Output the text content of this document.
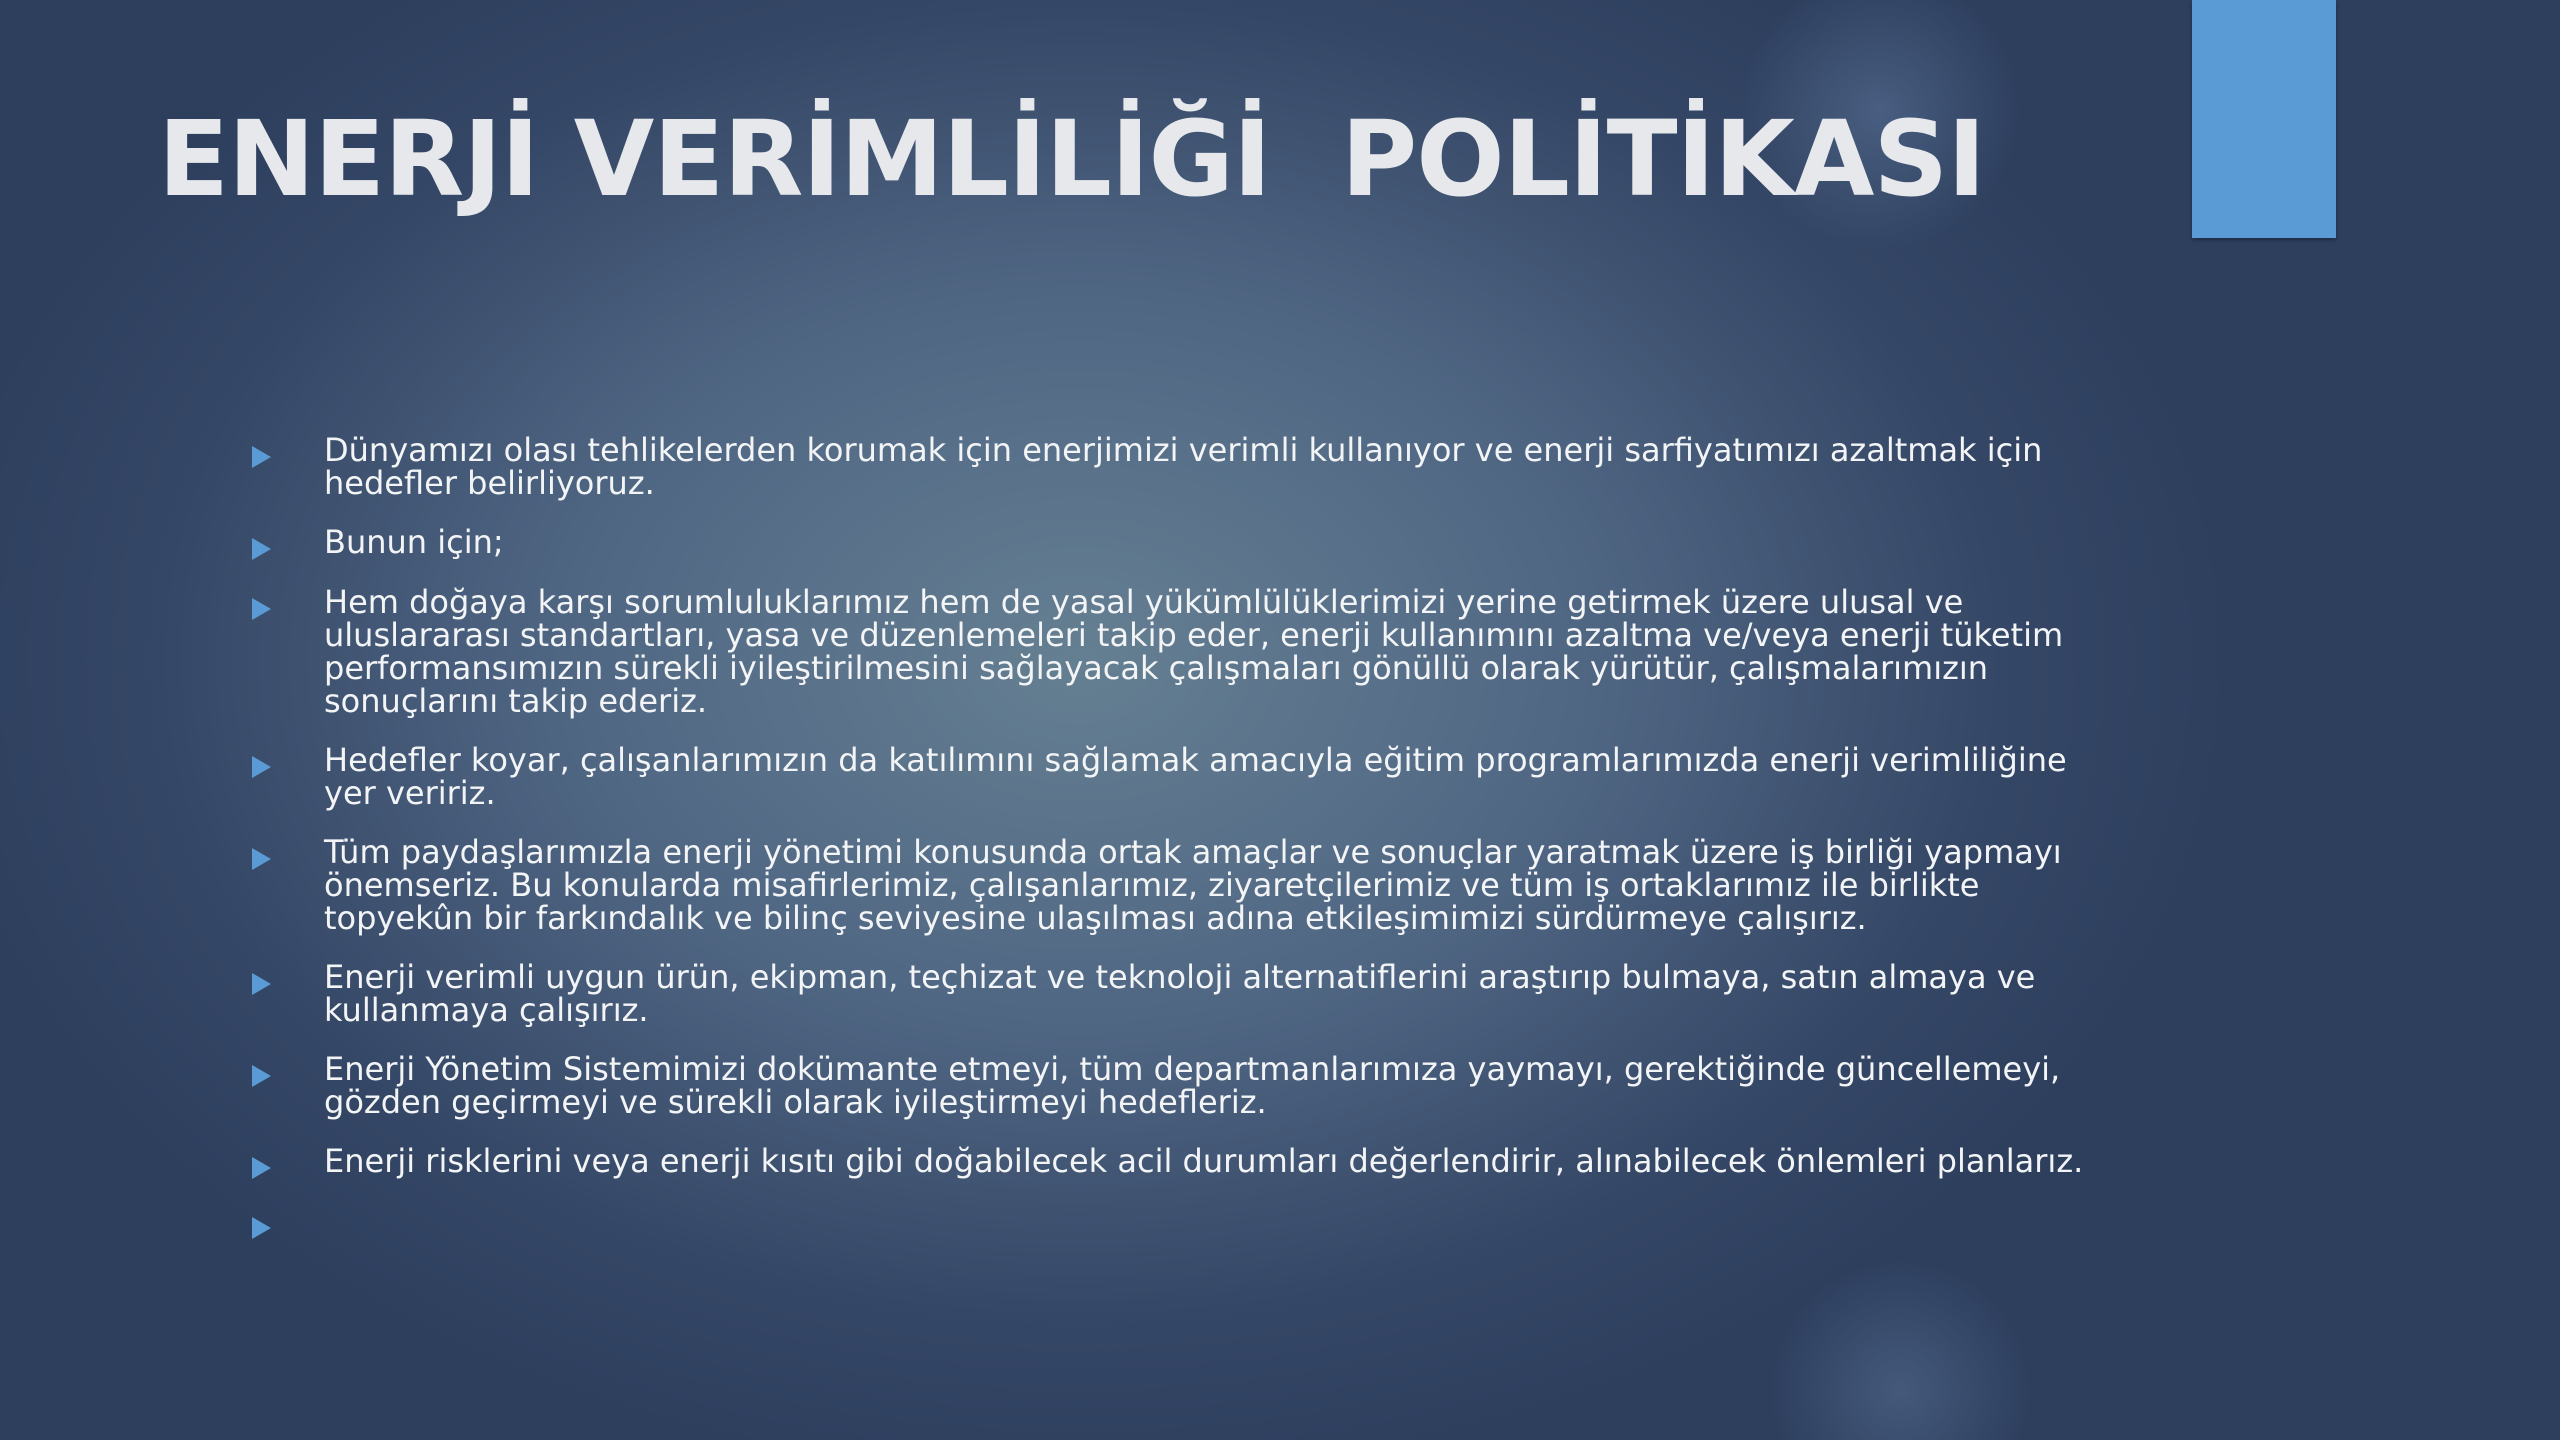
ENERJİ VERİMLİLİĞİ  POLİTİKASI
Dünyamızı olası tehlikelerden korumak için enerjimizi verimli kullanıyor ve enerji sarfiyatımızı azaltmak için hedefler belirliyoruz.
Bunun için;
Hem doğaya karşı sorumluluklarımız hem de yasal yükümlülüklerimizi yerine getirmek üzere ulusal ve uluslararası standartları, yasa ve düzenlemeleri takip eder, enerji kullanımını azaltma ve/veya enerji tüketim performansımızın sürekli iyileştirilmesini sağlayacak çalışmaları gönüllü olarak yürütür, çalışmalarımızın sonuçlarını takip ederiz.
Hedefler koyar, çalışanlarımızın da katılımını sağlamak amacıyla eğitim programlarımızda enerji verimliliğine yer veririz.
Tüm paydaşlarımızla enerji yönetimi konusunda ortak amaçlar ve sonuçlar yaratmak üzere iş birliği yapmayı önemseriz. Bu konularda misafirlerimiz, çalışanlarımız, ziyaretçilerimiz ve tüm iş ortaklarımız ile birlikte topyekûn bir farkındalık ve bilinç seviyesine ulaşılması adına etkileşimimizi sürdürmeye çalışırız.
Enerji verimli uygun ürün, ekipman, teçhizat ve teknoloji alternatiflerini araştırıp bulmaya, satın almaya ve kullanmaya çalışırız.
Enerji Yönetim Sistemimizi dokümante etmeyi, tüm departmanlarımıza yaymayı, gerektiğinde güncellemeyi, gözden geçirmeyi ve sürekli olarak iyileştirmeyi hedefleriz.
Enerji risklerini veya enerji kısıtı gibi doğabilecek acil durumları değerlendirir, alınabilecek önlemleri planlarız.
